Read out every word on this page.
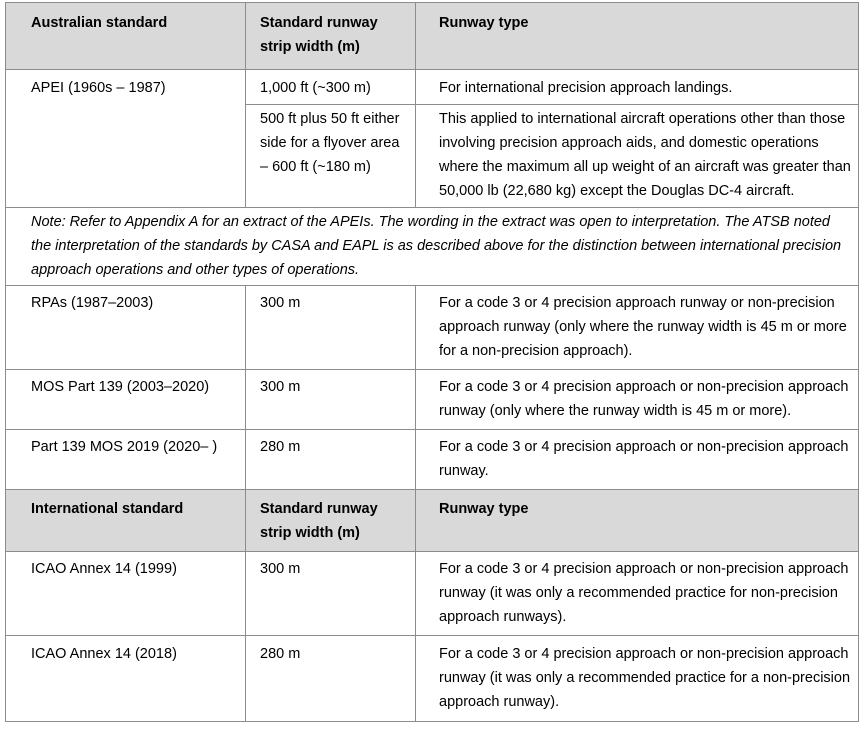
Australian standard	Standard runway strip width (m)	Runway type
APEI (1960s – 1987)	1,000 ft (~300 m)	For international precision approach landings.
	500 ft plus 50 ft either side for a flyover area – 600 ft (~180 m)	This applied to international aircraft operations other than those involving precision approach aids, and domestic operations where the maximum all up weight of an aircraft was greater than 50,000 lb (22,680 kg) except the Douglas DC-4 aircraft.
Note: Refer to Appendix A for an extract of the APEIs. The wording in the extract was open to interpretation. The ATSB noted the interpretation of the standards by CASA and EAPL is as described above for the distinction between international precision approach operations and other types of operations.		
RPAs (1987–2003)	300 m	For a code 3 or 4 precision approach runway or non-precision approach runway (only where the runway width is 45 m or more for a non-precision approach).
MOS Part 139 (2003–2020)	300 m	For a code 3 or 4 precision approach or non-precision approach runway (only where the runway width is 45 m or more).
Part 139 MOS 2019 (2020– )	280 m	For a code 3 or 4 precision approach or non-precision approach runway.
International standard	Standard runway strip width (m)	Runway type
ICAO Annex 14 (1999)	300 m	For a code 3 or 4 precision approach or non-precision approach runway (it was only a recommended practice for non-precision approach runways).
ICAO Annex 14 (2018)	280 m	For a code 3 or 4 precision approach or non-precision approach runway (it was only a recommended practice for a non-precision approach runway).
